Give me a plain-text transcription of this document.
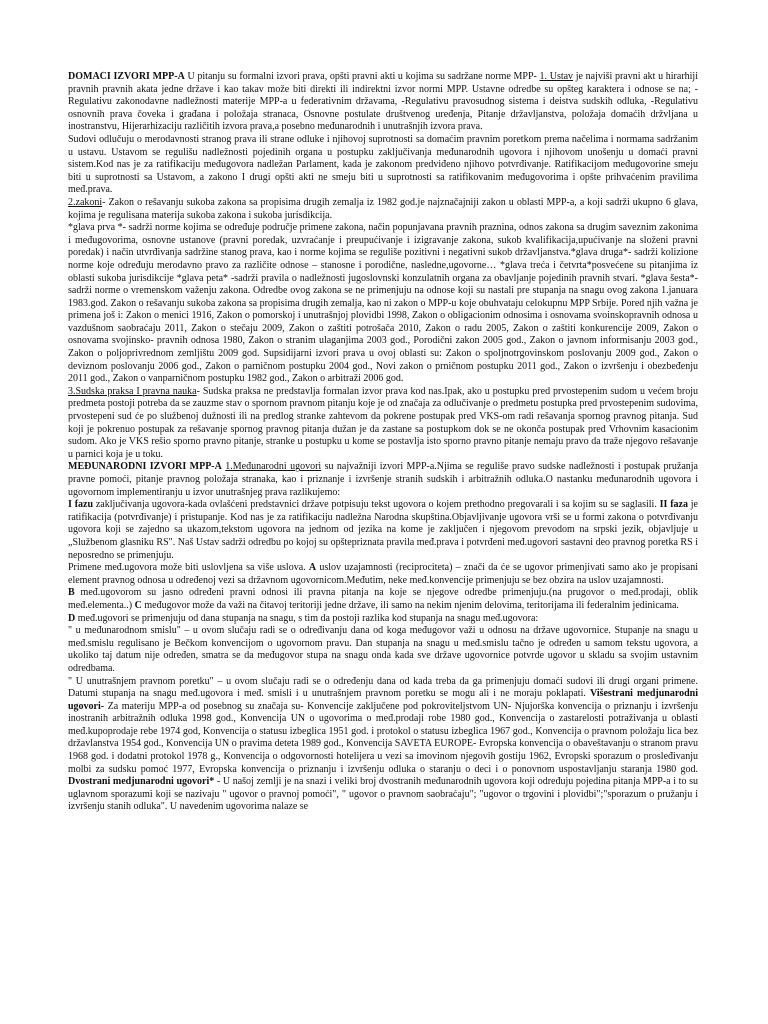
DOMAĆI IZVORI MPP-A U pitanju su formalni izvori prava, opšti pravni akti u kojima su sadržane norme MPP- 1. Ustav je najviši pravni akt u hirarhiji pravnih pravnih akata jedne države i kao takav može biti direkti ili indirektni izvor normi MPP. Ustavne odredbe su opšteg karaktera i odnose se na; -Regulativu zakonodavne nadležnosti materije MPP-a u federativnim državama, -Regulativu pravosudnog sistema i deistva sudskih odluka, -Regulativu osnovnih prava čoveka i građana i položaja stranaca, Osnovne postulate društvenog uređenja, Pitanje državljanstva, položaja domaćih držvljana u inostranstvu, Hijerarhizaciju različitih izvora prava,a posebno međunarodnih i unutrašnjih izvora prava.

Sudovi odlučuju o merodavnosti stranog prava ili strane odluke i njihovoj suprotnosti sa domaćim pravnim poretkom prema načelima i normama sadržanim u ustavu. Ustavom se regulišu nadležnosti pojedinih organa u postupku zaključivanja međunarodnih ugovora i njihovom unošenju u domaći pravni sistem.Kod nas je za ratifikaciju međugovora nadležan Parlament, kada je zakonom predviđeno njihovo potvrđivanje. Ratifikacijom međugovorine smeju biti u suprotnosti sa Ustavom, a zakono I drugi opšti akti ne smeju biti u suprotnosti sa ratifikovanim međugovorima i opšte prihvaćenim pravilima međ.prava.

2.zakoni- Zakon o rešavanju sukoba zakona sa propisima drugih zemalja iz 1982 god.je najznačajniji zakon u oblasti MPP-a, a koji sadrži ukupno 6 glava, kojima je regulisana materija sukoba zakona i sukoba jurisdikcija.

*glava prva *- sadrži norme kojima se određuje područje primene zakona, način popunjavana pravnih praznina, odnos zakona sa drugim saveznim zakonima i međugovorima, osnovne ustanove (pravni poredak, uzvraćanje i preupućivanje i izigravanje zakona, sukob kvalifikacija,upućivanje na složeni pravni poredak) i način utvrđivanja sadržine stanog prava, kao i norme kojima se reguliše pozitivni i negativni sukob državljanstva.*glava druga*- sadrži kolizione norme koje određuju merodavno pravo za različite odnose – stanosne i porodične, naslednе,ugovorne… *glava treća i četvrta*posvećene su pitanjima iz oblasti sukoba jurisdikcije *glava peta* -sadrži pravila o nadležnosti jugoslovnski konzulatnih organa za obavljanje pojedinih pravnih stvari. *glava šesta*- sadrži norme o vremenskom važenju zakona. Odredbe ovog zakona se ne primenjuju na odnose koji su nastali pre stupanja na snagu ovog zakona 1.januara 1983.god. Zakon o rešavanju sukoba zakona sa propisima drugih zemalja, kao ni zakon o MPP-u koje obuhvataju celokupnu MPP Srbije. Pored njih važna je primena još i: Zakon o menici 1916, Zakon o pomorskoj i unutrašnjoj plovidbi 1998, Zakon o obligacionim odnosima i osnovama svoinskopravnih odnosa u vazdušnom saobraćaju 2011, Zakon o stečaju 2009, Zakon o zaštiti potrošača 2010, Zakon o radu 2005, Zakon o zaštiti konkurencije 2009, Zakon o osnovama svojinsko- pravnih odnosa 1980, Zakon o stranim ulaganjima 2003 god., Porodični zakon 2005 god., Zakon o javnom informisanju 2003 god., Zakon o poljoprivrednom zemljištu 2009 god. Supsidijarni izvori prava u ovoj oblasti su: Zakon o spoljnotrgovinskom poslovanju 2009 god., Zakon o deviznom poslovanju 2006 god., Zakon o parničnom postupku 2004 god., Novi zakon o prničnom postupku 2011 god., Zakon o izvršenju i obezbeđenju 2011 god., Zakon o vanparničnom postupku 1982 god., Zakon o arbitraži 2006 god.

3.Sudska praksa I pravna nauka- Sudska praksa ne predstavlja formalan izvor prava kod nas.Ipak, ako u postupku pred prvostepenim sudom u većem broju predmeta postoji potreba da se zauzme stav o spornom pravnom pitanju koje je od značaja za odlučivanje o predmetu postupka pred prvostepenim sudovima, prvostepeni sud će po službenoj dužnosti ili na predlog stranke zahtevom da pokrene postupak pred VKS-om radi rešavanja spornog pravnog pitanja. Sud koji je pokrenuo postupak za rešavanje spornog pravnog pitanja dužan je da zastane sa postupkom dok se ne okonča postupak pred Vrhovnim kasacionim sudom. Ako je VKS rešio sporno pravno pitanje, stranke u postupku u kome se postavlja isto sporno pravno pitanje nemaju pravo da traže njegovo rešavanje u parnici koja je u toku.

MEĐUNARODNI IZVORI MPP-A 1.Međunarodni ugovori su najvažniji izvori MPP-a.Njima se reguliše pravo sudske nadležnosti i postupak pružanja pravne pomoći, pitanje pravnog položaja stranaka, kao i priznanje i izvršenje stranih sudskih i arbitražnih odluka.O nastanku međunarodnih ugovora i ugovornom implementiranju u izvor unutrašnjeg prava razlikujemo:

I fazu zaključivanja ugovora-kada ovlašćeni predstavnici države potpisuju tekst ugovora o kojem prethodno pregovarali i sa kojim su se saglasili. II faza je ratifikacija (potvrđivanje) i pristupanje. Kod nas je za ratifikaciju nadležna Narodna skupština.Objavljivanje ugovora vrši se u formi zakona o potvrđivanju ugovora koji se zajedno sa ukazom,tekstom ugovora na jednom od jezika na kome je zaključen i njegovom prevodom na srpski jezik, objavljuje u „Službenom glasniku RS". Naš Ustav sadrži odredbu po kojoj su opštepriznata pravila međ.prava i potvrđeni međ.ugovori sastavni deo pravnog poretka RS i neposredno se primenjuju.

Primene međ.ugovora može biti uslovljena sa više uslova. A uslov uzajamnosti (reciprociteta) – znači da će se ugovor primenjivati samo ako je propisani element pravnog odnosa u određenoj vezi sa državnom ugovornicom.Međutim, neke međ.konvencije primenjuju se bez obzira na uslov uzajamnosti.

B međ.ugovorom su jasno određeni pravni odnosi ili pravna pitanja na koje se njegove odredbe primenjuju.(na prugovor o međ.prodaji, oblik međ.elementa..) C međugovor može da važi na čitavoj teritoriji jedne države, ili samo na nekim njenim delovima, teritorijama ili federalnim jedinicama.

D međ.ugovori se primenjuju od dana stupanja na snagu, s tim da postoji razlika kod stupanja na snagu međ.ugovora:

" u međunarodnom smislu" – u ovom slučaju radi se o određivanju dana od koga međugovor važi u odnosu na države ugovornice. Stupanje na snagu u međ.smislu regulisano je Bečkom konvencijom o ugovornom pravu. Dan stupanja na snagu u međ.smislu tačno je određen u samom tekstu ugovora, a ukoliko taj datum nije određen, smatra se da međugovor stupa na snagu onda kada sve države ugovornice potvrde ugovor u skladu sa svojim ustavnim odredbama.

" U unutrašnjem pravnom poretku" – u ovom slučaju radi se o određenju dana od kada treba da ga primenjuju domaći sudovi ili drugi organi primene. Datumi stupanja na snagu međ.ugovora i međ. smisli i u unutrašnjem pravnom poretku se mogu ali i ne moraju poklapati. Višestrani medjunarodni ugovori- Za materiju MPP-a od posebnog su značaja su- Konvencije zaključene pod pokroviteljstvom UN- Njujorška konvencija o priznanju i izvršenju inostranih arbitražnih odluka 1998 god., Konvencija UN o ugovorima o međ.prodaji robe 1980 god., Konvencija o zastarelosti potraživanja u oblasti međ.kupoprodaje rebe 1974 god, Konvencija o statusu izbeglica 1951 god. i protokol o statusu izbeglica 1967 god., Konvencija o pravnom položaju lica bez državlanstva 1954 god., Konvencija UN o pravima deteta 1989 god., Konvencija SAVETA EUROPE- Evropska konvencija o obaveštavanju o stranom pravu 1968 god. i dodatni protokol 1978 g., Konvencija o odgovornosti hotelijera u vezi sa imovinom njegovih gostiju 1962, Evropski sporazum o prosleđivanju molbi za sudsku pomoć 1977, Evropska konvencija o priznanju i izvršenju odluka o staranju o deci i o ponovnom uspostavljanju staranja 1980 god. Dvostrani medjunarodni ugovori* - U našoj zemlji je na snazi i veliki broj dvostranih međunarodnih ugovora koji određuju pojedina pitanja MPP-a i to su uglavnom sporazumi koji se nazivaju " ugovor o pravnoj pomoći", " ugovor o pravnom saobraćaju"; "ugovor o trgovini i plovidbi";"sporazum o pružanju i izvršenju stanih odluka". U navedenim ugovorima nalaze se
